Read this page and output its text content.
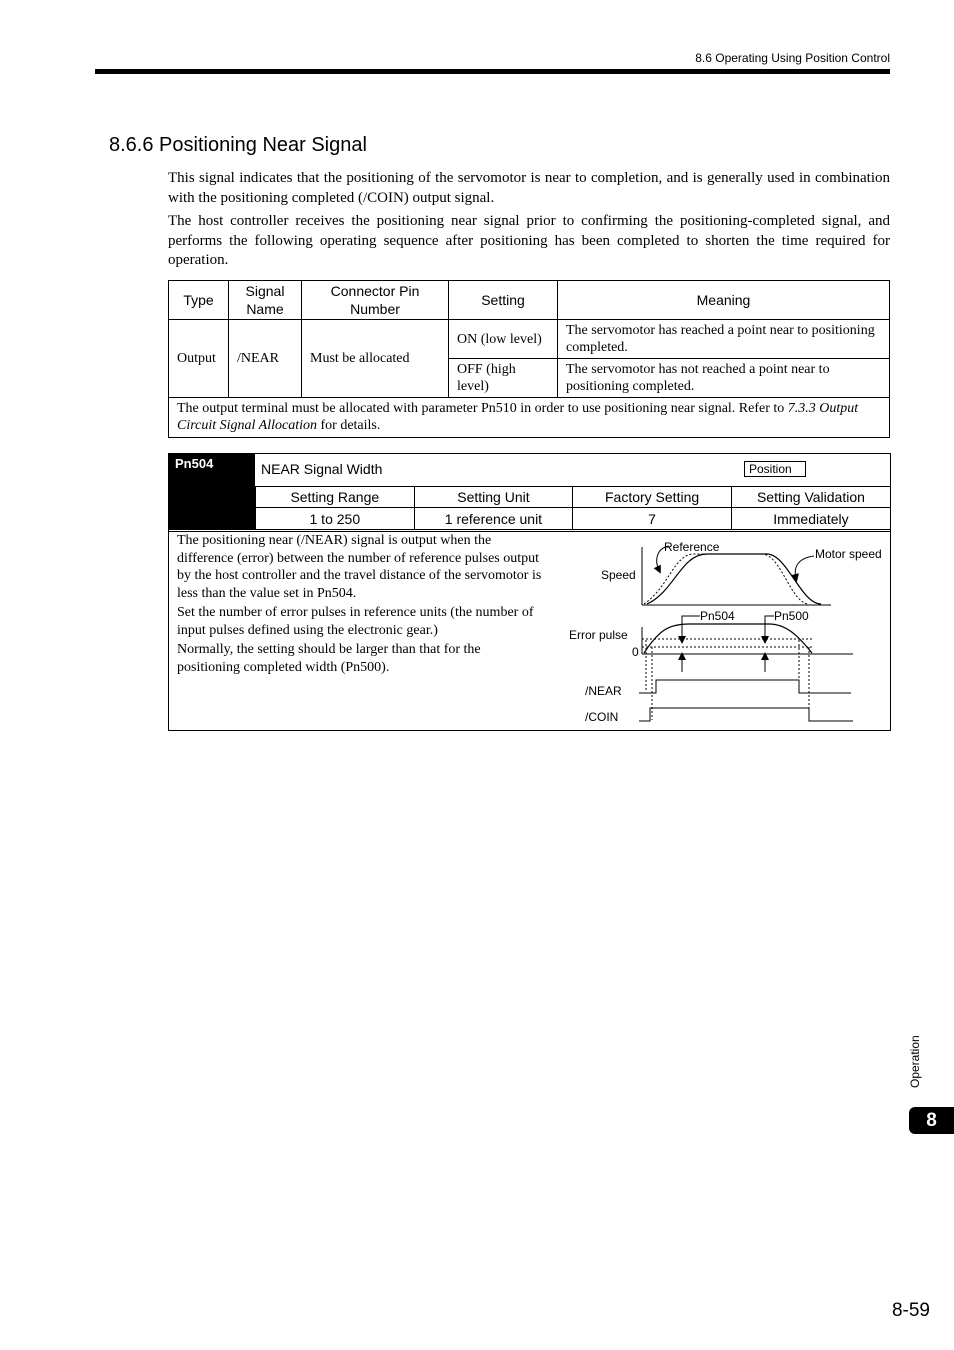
8.6 Operating Using Position Control
8.6.6 Positioning Near Signal

This signal indicates that the positioning of the servomotor is near to completion, and is generally used in combination with the positioning completed (/COIN) output signal.

The host controller receives the positioning near signal prior to confirming the positioning-completed signal, and performs the following operating sequence after positioning has been completed to shorten the time required for operation.

Type	Signal Name	Connector Pin Number	Setting	Meaning
Output	/NEAR	Must be allocated	ON (low level)	The servomotor has reached a point near to positioning completed.
			OFF (high level)	The servomotor has not reached a point near to positioning completed.
The output terminal must be allocated with parameter Pn510 in order to use positioning near signal. Refer to 7.3.3 Output Circuit Signal Allocation for details.				
Pn504	NEAR Signal Width	Position
Setting Range	Setting Unit	Factory Setting	Setting Validation
1 to 250	1 reference unit	7	Immediately

The positioning near (/NEAR) signal is output when the difference (error) between the number of reference pulses output by the host controller and the travel distance of the servomotor is less than the value set in Pn504.

Set the number of error pulses in reference units (the number of input pulses defined using the electronic gear.)

Normally, the setting should be larger than that for the positioning completed width (Pn500).

Reference	Motor speed
Speed
Error pulse
0
Pn504	Pn500
/NEAR
/COIN
Operation
8
8-59
